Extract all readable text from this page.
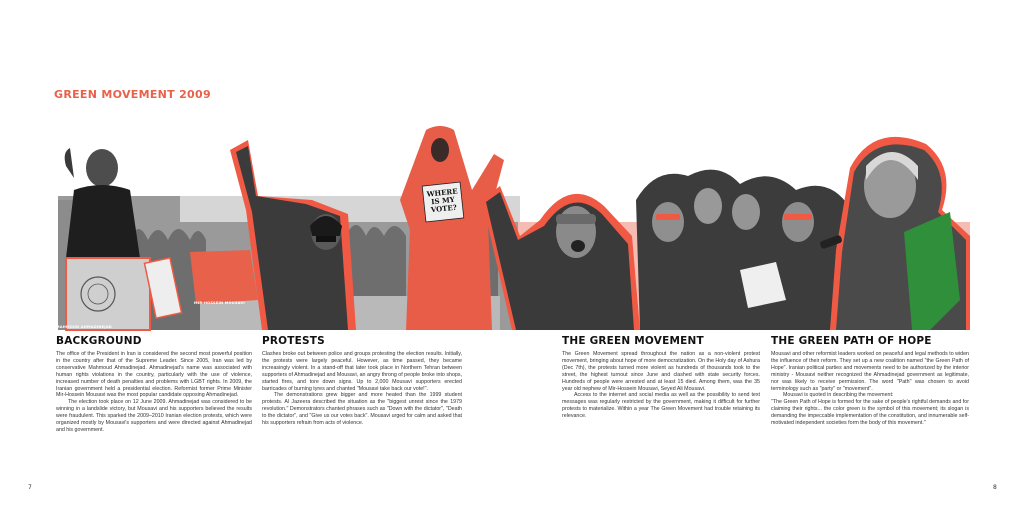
GREEN MOVEMENT 2009
MAHMOUD AHMADINEJAD
MIR-HOSSEIN MOUSAVI
WHERE IS MY VOTE?
BACKGROUND

The office of the President in Iran is considered the second most powerful position in the country after that of the Supreme Leader. Since 2005, Iran was led by conservative Mahmoud Ahmadinejad. Ahmadinejad's name was associated with human rights violations in the country, particularly with the use of violence, increased number of death penalties and problems with LGBT rights. In 2009, the Iranian government held a presidential election. Reformist former Prime Minister Mir-Hossein Mousavi was the most popular candidate opposing Ahmadinejad.

The election took place on 12 June 2009. Ahmadinejad was considered to be winning in a landslide victory, but Mousavi and his supporters believed the results were fraudulent. This sparked the 2009–2010 Iranian election protests, which were organized mostly by Mousavi's supporters and were directed against Ahmadinejad and his government.

PROTESTS

Clashes broke out between police and groups protesting the election results. Initially, the protests were largely peaceful. However, as time passed, they became increasingly violent. In a stand-off that later took place in Northern Tehran between supporters of Ahmadinejad and Mousavi, an angry throng of people broke into shops, started fires, and tore down signs. Up to 2,000 Mousavi supporters erected barricades of burning tyres and chanted "Mousavi take back our vote!".

The demonstrations grew bigger and more heated than the 1999 student protests. Al Jazeera described the situation as the "biggest unrest since the 1979 revolution." Demonstrators chanted phrases such as "Down with the dictator", "Death to the dictator", and "Give us our votes back". Mousavi urged for calm and asked that his supporters refrain from acts of violence.

THE GREEN MOVEMENT

The Green Movement spread throughout the nation as a non-violent protest movement, bringing about hope of more democratization. On the Holy day of Ashura (Dec 7th), the protests turned more violent as hundreds of thousands took to the street, the highest turnout since June and clashed with state security forces. Hundreds of people were arrested and at least 15 died. Among them, was the 35 year old nephew of Mir-Hossein Mousavi, Seyed Ali Mousavi.

Access to the internet and social media as well as the possibility to send text messages was regularly restricted by the government, making it difficult for further protests to materialize. Within a year The Green Movement had trouble retaining its relevance.

THE GREEN PATH OF HOPE

Mousavi and other reformist leaders worked on peaceful and legal methods to widen the influence of their reform. They set up a new coalition named "the Green Path of Hope". Iranian political parties and movements need to be authorized by the interior ministry - Mousavi neither recognized the Ahmadinejad government as legitimate, nor was likely to receive permission. The word "Path" was chosen to avoid terminology such as "party" or "movement".

Mousavi is quoted in describing the movement:

"The Green Path of Hope is formed for the sake of people's rightful demands and for claiming their rights... the color green is the symbol of this movement; its slogan is demanding the impeccable implementation of the constitution, and innumerable self-motivated independent societies form the body of this movement."

7	8
